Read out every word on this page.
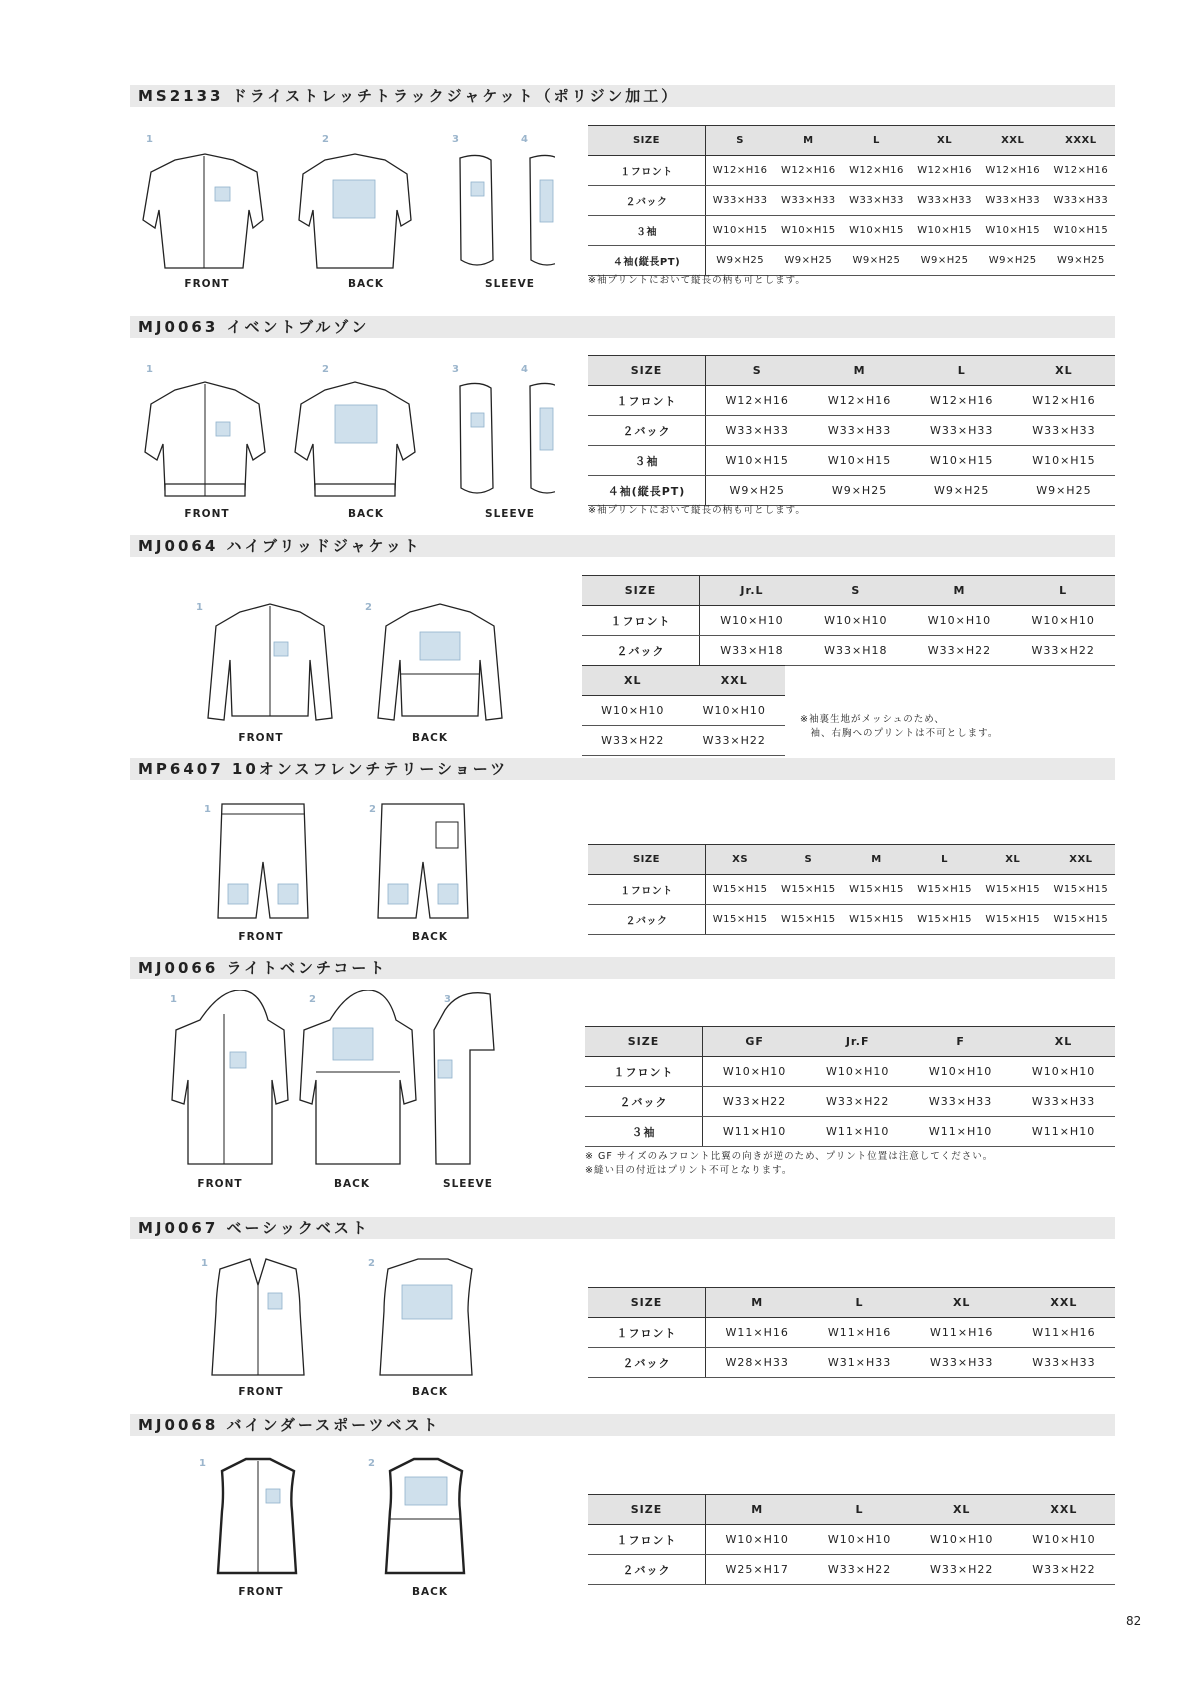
MS2133 ドライストレッチトラックジャケット（ポリジン加工）
1	2	3	4
FRONT	BACK	SLEEVE
SIZE	S	M	L	XL	XXL	XXXL
１フロント	W12×H16	W12×H16	W12×H16	W12×H16	W12×H16	W12×H16
２バック	W33×H33	W33×H33	W33×H33	W33×H33	W33×H33	W33×H33
３袖	W10×H15	W10×H15	W10×H15	W10×H15	W10×H15	W10×H15
４袖(縦長PT)	W9×H25	W9×H25	W9×H25	W9×H25	W9×H25	W9×H25
※袖プリントにおいて縦長の柄も可とします。
MJ0063 イベントブルゾン
1	2	3	4
FRONT	BACK	SLEEVE
SIZE	S	M	L	XL
１フロント	W12×H16	W12×H16	W12×H16	W12×H16
２バック	W33×H33	W33×H33	W33×H33	W33×H33
３袖	W10×H15	W10×H15	W10×H15	W10×H15
４袖(縦長PT)	W9×H25	W9×H25	W9×H25	W9×H25
※袖プリントにおいて縦長の柄も可とします。
MJ0064 ハイブリッドジャケット
1	2
FRONT	BACK
SIZE	Jr.L	S	M	L
１フロント	W10×H10	W10×H10	W10×H10	W10×H10
２バック	W33×H18	W33×H18	W33×H22	W33×H22
XL	XXL
W10×H10	W10×H10
W33×H22	W33×H22
※袖裏生地がメッシュのため、
　袖、右胸へのプリントは不可とします。
MP6407 10オンスフレンチテリーショーツ
1	2
FRONT	BACK
SIZE	XS	S	M	L	XL	XXL
１フロント	W15×H15	W15×H15	W15×H15	W15×H15	W15×H15	W15×H15
２バック	W15×H15	W15×H15	W15×H15	W15×H15	W15×H15	W15×H15
MJ0066 ライトベンチコート
1	2	3
FRONT	BACK	SLEEVE
SIZE	GF	Jr.F	F	XL
１フロント	W10×H10	W10×H10	W10×H10	W10×H10
２バック	W33×H22	W33×H22	W33×H33	W33×H33
３袖	W11×H10	W11×H10	W11×H10	W11×H10
※ GF サイズのみフロント比翼の向きが逆のため、プリント位置は注意してください。
※縫い目の付近はプリント不可となります。
MJ0067 ベーシックベスト
1	2
FRONT	BACK
SIZE	M	L	XL	XXL
１フロント	W11×H16	W11×H16	W11×H16	W11×H16
２バック	W28×H33	W31×H33	W33×H33	W33×H33
MJ0068 バインダースポーツベスト
1	2
FRONT	BACK
SIZE	M	L	XL	XXL
１フロント	W10×H10	W10×H10	W10×H10	W10×H10
２バック	W25×H17	W33×H22	W33×H22	W33×H22
82
